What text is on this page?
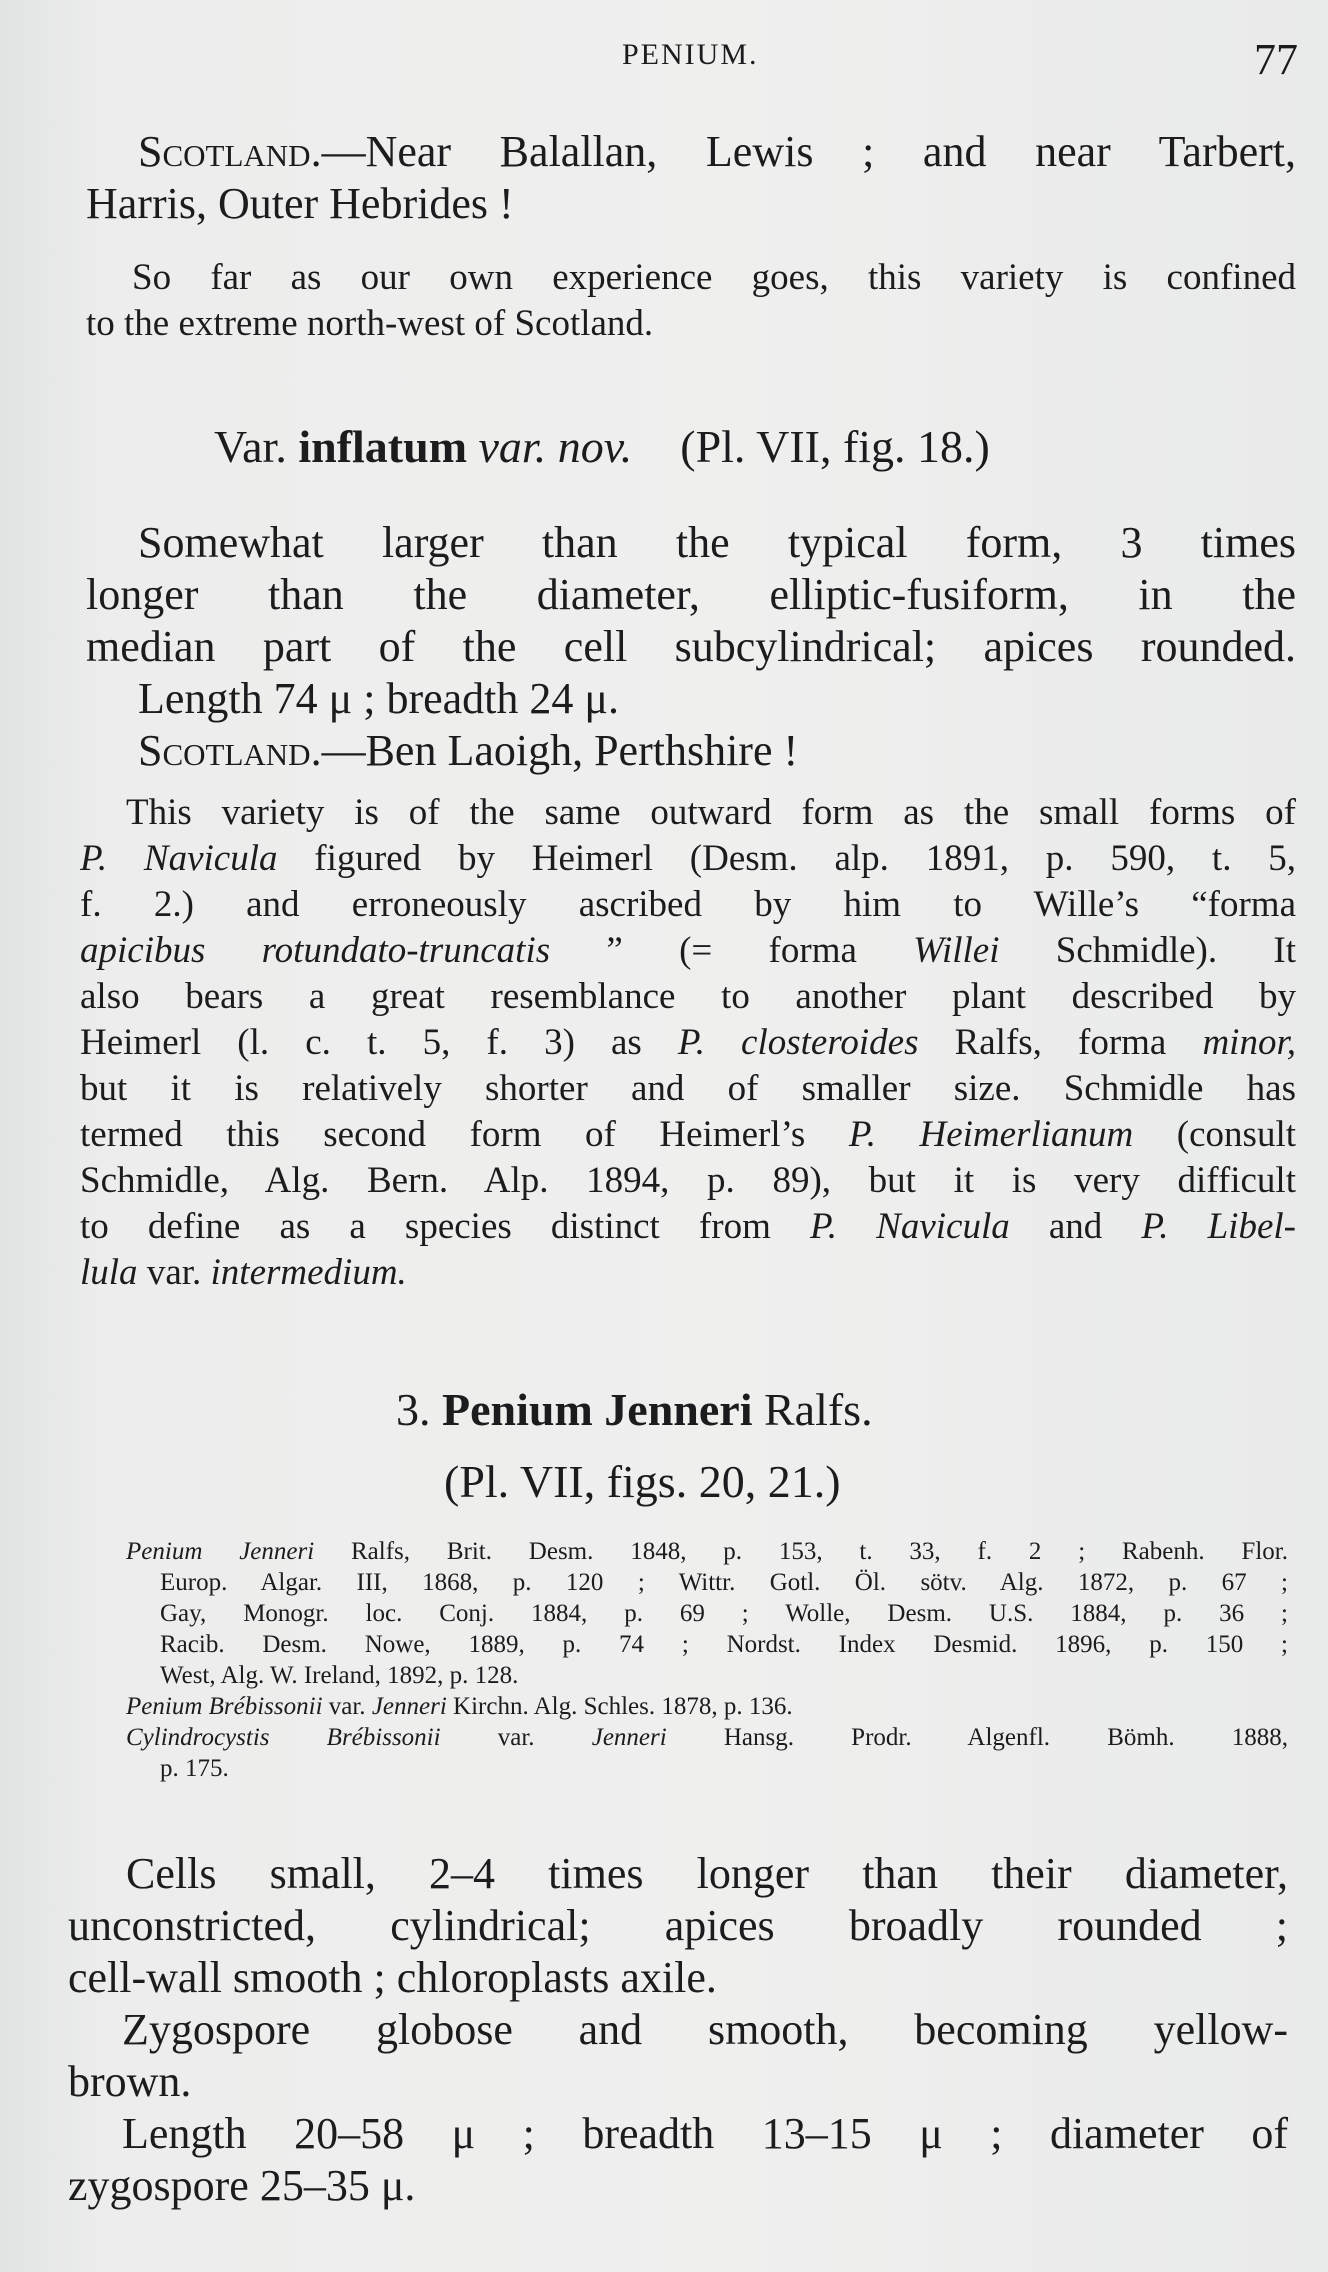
PENIUM.	77
Scotland.—Near Balallan, Lewis ; and near Tarbert,
Harris, Outer Hebrides !
So far as our own experience goes, this variety is confined
to the extreme north-west of Scotland.
Var. inflatum var. nov. (Pl. VII, fig. 18.)
Somewhat larger than the typical form, 3 times
longer than the diameter, elliptic-fusiform, in the
median part of the cell subcylindrical; apices rounded.
Length 74 μ ; breadth 24 μ.
Scotland.—Ben Laoigh, Perthshire !
This variety is of the same outward form as the small forms of
P. Navicula figured by Heimerl (Desm. alp. 1891, p. 590, t. 5,
f. 2.) and erroneously ascribed by him to Wille’s “forma
apicibus rotundato-truncatis ” (= forma Willei Schmidle). It
also bears a great resemblance to another plant described by
Heimerl (l. c. t. 5, f. 3) as P. closteroides Ralfs, forma minor,
but it is relatively shorter and of smaller size. Schmidle has
termed this second form of Heimerl’s P. Heimerlianum (consult
Schmidle, Alg. Bern. Alp. 1894, p. 89), but it is very difficult
to define as a species distinct from P. Navicula and P. Libel-
lula var. intermedium.
3. Penium Jenneri Ralfs.
(Pl. VII, figs. 20, 21.)
Penium Jenneri Ralfs, Brit. Desm. 1848, p. 153, t. 33, f. 2 ; Rabenh. Flor.
Europ. Algar. III, 1868, p. 120 ; Wittr. Gotl. Öl. sötv. Alg. 1872, p. 67 ;
Gay, Monogr. loc. Conj. 1884, p. 69 ; Wolle, Desm. U.S. 1884, p. 36 ;
Racib. Desm. Nowe, 1889, p. 74 ; Nordst. Index Desmid. 1896, p. 150 ;
West, Alg. W. Ireland, 1892, p. 128.
Penium Brébissonii var. Jenneri Kirchn. Alg. Schles. 1878, p. 136.
Cylindrocystis Brébissonii var. Jenneri Hansg. Prodr. Algenfl. Bömh. 1888,
p. 175.
Cells small, 2–4 times longer than their diameter,
unconstricted, cylindrical; apices broadly rounded ;
cell-wall smooth ; chloroplasts axile.
Zygospore globose and smooth, becoming yellow-
brown.
Length 20–58 μ ; breadth 13–15 μ ; diameter of
zygospore 25–35 μ.
